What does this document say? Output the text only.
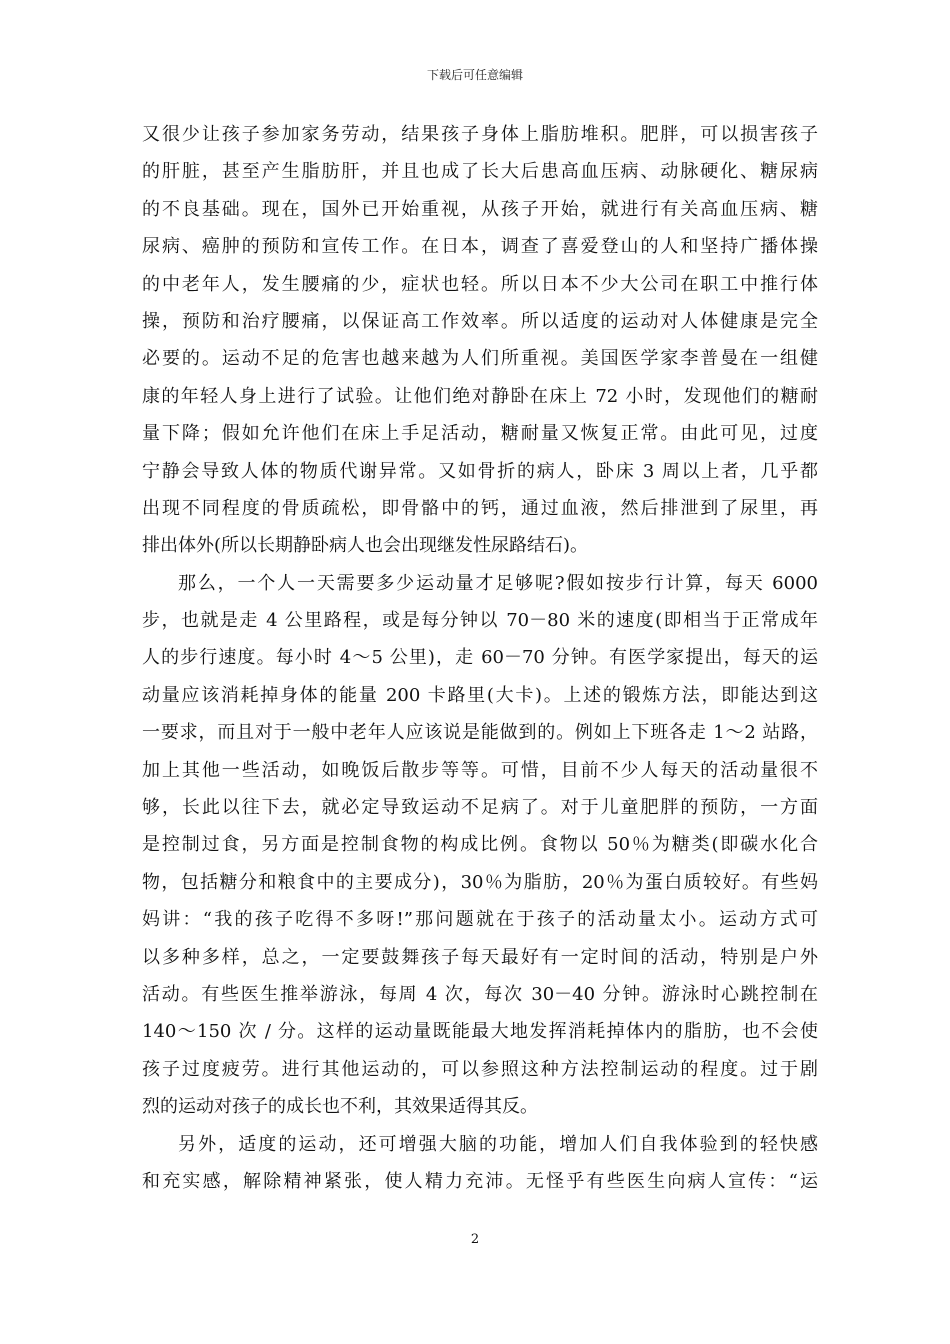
下载后可任意编辑
又很少让孩子参加家务劳动，结果孩子身体上脂肪堆积。肥胖，可以损害孩子
的肝脏，甚至产生脂肪肝，并且也成了长大后患高血压病、动脉硬化、糖尿病
的不良基础。现在，国外已开始重视，从孩子开始，就进行有关高血压病、糖
尿病、癌肿的预防和宣传工作。在日本，调查了喜爱登山的人和坚持广播体操
的中老年人，发生腰痛的少，症状也轻。所以日本不少大公司在职工中推行体
操，预防和治疗腰痛，以保证高工作效率。所以适度的运动对人体健康是完全
必要的。运动不足的危害也越来越为人们所重视。美国医学家李普曼在一组健
康的年轻人身上进行了试验。让他们绝对静卧在床上 72 小时，发现他们的糖耐
量下降；假如允许他们在床上手足活动，糖耐量又恢复正常。由此可见，过度
宁静会导致人体的物质代谢异常。又如骨折的病人，卧床 3 周以上者，几乎都
出现不同程度的骨质疏松，即骨骼中的钙，通过血液，然后排泄到了尿里，再
排出体外(所以长期静卧病人也会出现继发性尿路结石)。
那么，一个人一天需要多少运动量才足够呢?假如按步行计算，每天 6000
步，也就是走 4 公里路程，或是每分钟以 70－80 米的速度(即相当于正常成年
人的步行速度。每小时 4～5 公里)，走 60－70 分钟。有医学家提出，每天的运
动量应该消耗掉身体的能量 200 卡路里(大卡)。上述的锻炼方法，即能达到这
一要求，而且对于一般中老年人应该说是能做到的。例如上下班各走 1～2 站路，
加上其他一些活动，如晚饭后散步等等。可惜，目前不少人每天的活动量很不
够，长此以往下去，就必定导致运动不足病了。对于儿童肥胖的预防，一方面
是控制过食，另方面是控制食物的构成比例。食物以 50％为糖类(即碳水化合
物，包括糖分和粮食中的主要成分)，30％为脂肪，20％为蛋白质较好。有些妈
妈讲：“我的孩子吃得不多呀!”那问题就在于孩子的活动量太小。运动方式可
以多种多样，总之，一定要鼓舞孩子每天最好有一定时间的活动，特别是户外
活动。有些医生推举游泳，每周 4 次，每次 30－40 分钟。游泳时心跳控制在
140～150 次 / 分。这样的运动量既能最大地发挥消耗掉体内的脂肪，也不会使
孩子过度疲劳。进行其他运动的，可以参照这种方法控制运动的程度。过于剧
烈的运动对孩子的成长也不利，其效果适得其反。
另外，适度的运动，还可增强大脑的功能，增加人们自我体验到的轻快感
和充实感，解除精神紧张，使人精力充沛。无怪乎有些医生向病人宣传：“运
2
